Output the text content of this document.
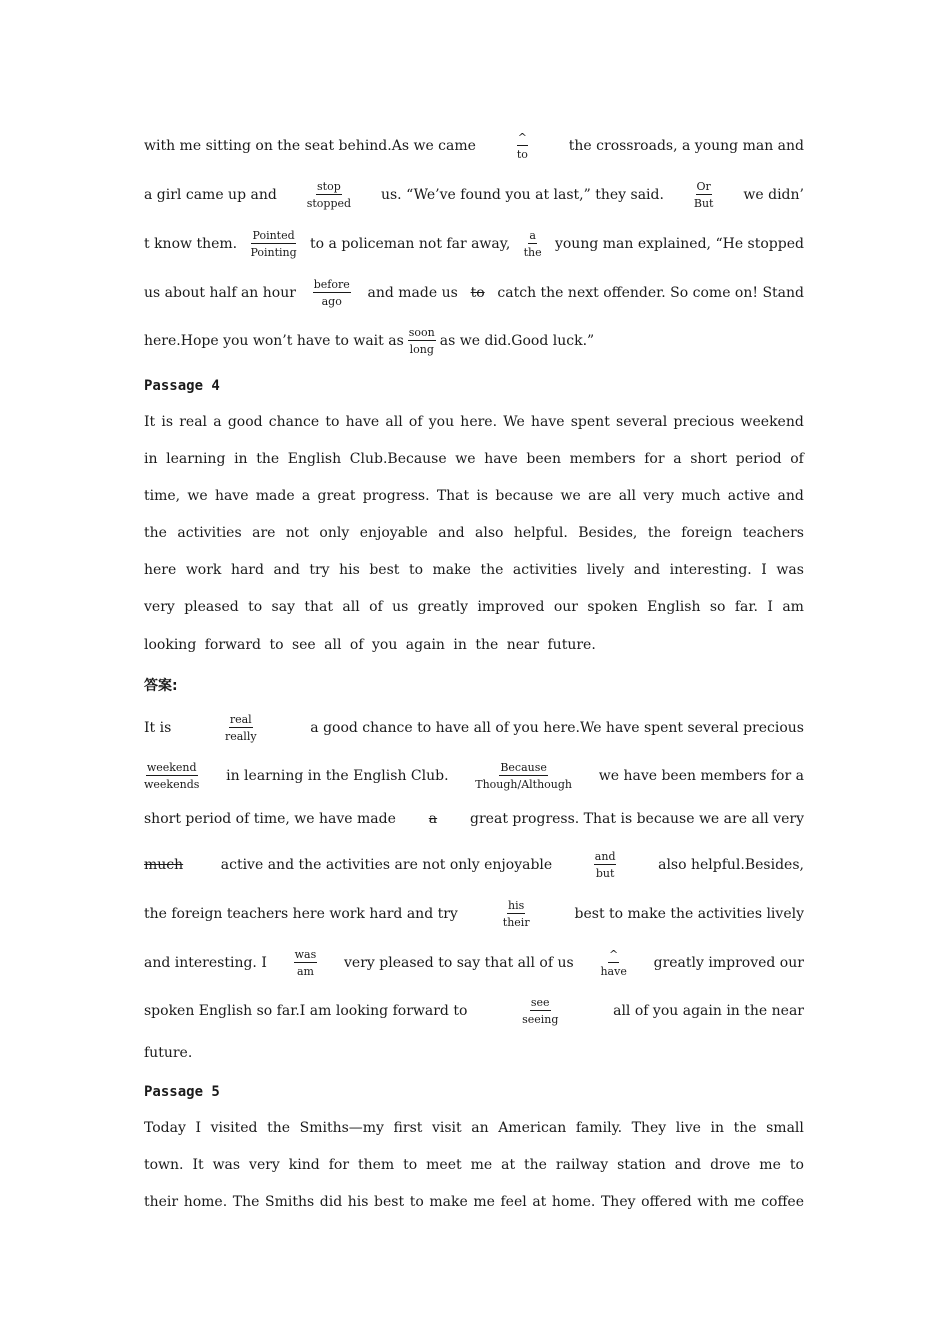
with me sitting on the seat behind.As we came	$\frac{\^{}}{to}$	the crossroads, a young man and
a girl came up and	$\frac{\text{stop}}{\text{stopped}}$ us. “We’ve found you at last,” they said.	$\frac{Or}{\text{But}}$ we didn’
t know them. $\frac{\text{Pointed}}{\text{Pointing}}$ to a policeman not far away, $\frac{a}{\text{the}}$ young man explained, “He stopped
us about half an hour $\frac{\text{before}}{\text{ago}}$ and made us to catch the next offender. So come on! Stand
here.Hope you won’t have to wait as $\frac{\text{soon}}{\text{long}}$ as we did.Good luck.”
Passage 4
It is real a good chance to have all of you here. We have spent several precious weekend
in learning in the English Club.Because we have been members for a short period of
time, we have made a great progress. That is because we are all very much active and
the activities are not only enjoyable and also helpful. Besides, the foreign teachers
here work hard and try his best to make the activities lively and interesting. I was
very pleased to say that all of us greatly improved our spoken English so far. I am
looking forward to see all of you again in the near future.
答案:
It is	$\frac{\text{real}}{\text{really}}$	a good chance to have all of you here.We have spent several precious
$\frac{\text{weekend}}{\text{weekends}}$ in learning in the English Club. $\frac{\text{Because}}{\text{Though/Although}}$ we have been members for a
short period of time, we have made a great progress. That is because we are all very
much	active and the activities are not only enjoyable	$\frac{\text{and}}{\text{but}}$	also helpful.Besides,
the foreign teachers here work hard and try	$\frac{\text{his}}{\text{their}}$	best to make the activities lively
and interesting. I $\frac{\text{was}}{am}$ very pleased to say that all of us $\frac{\^{}}{\text{have}}$ greatly improved our
spoken English so far.I am looking forward to	$\frac{\text{see}}{\text{seeing}}$	all of you again in the near
future.
Passage 5
Today I visited the Smiths—my first visit an American family. They live in the small
town. It was very kind for them to meet me at the railway station and drove me to
their home. The Smiths did his best to make me feel at home. They offered with me coffee
